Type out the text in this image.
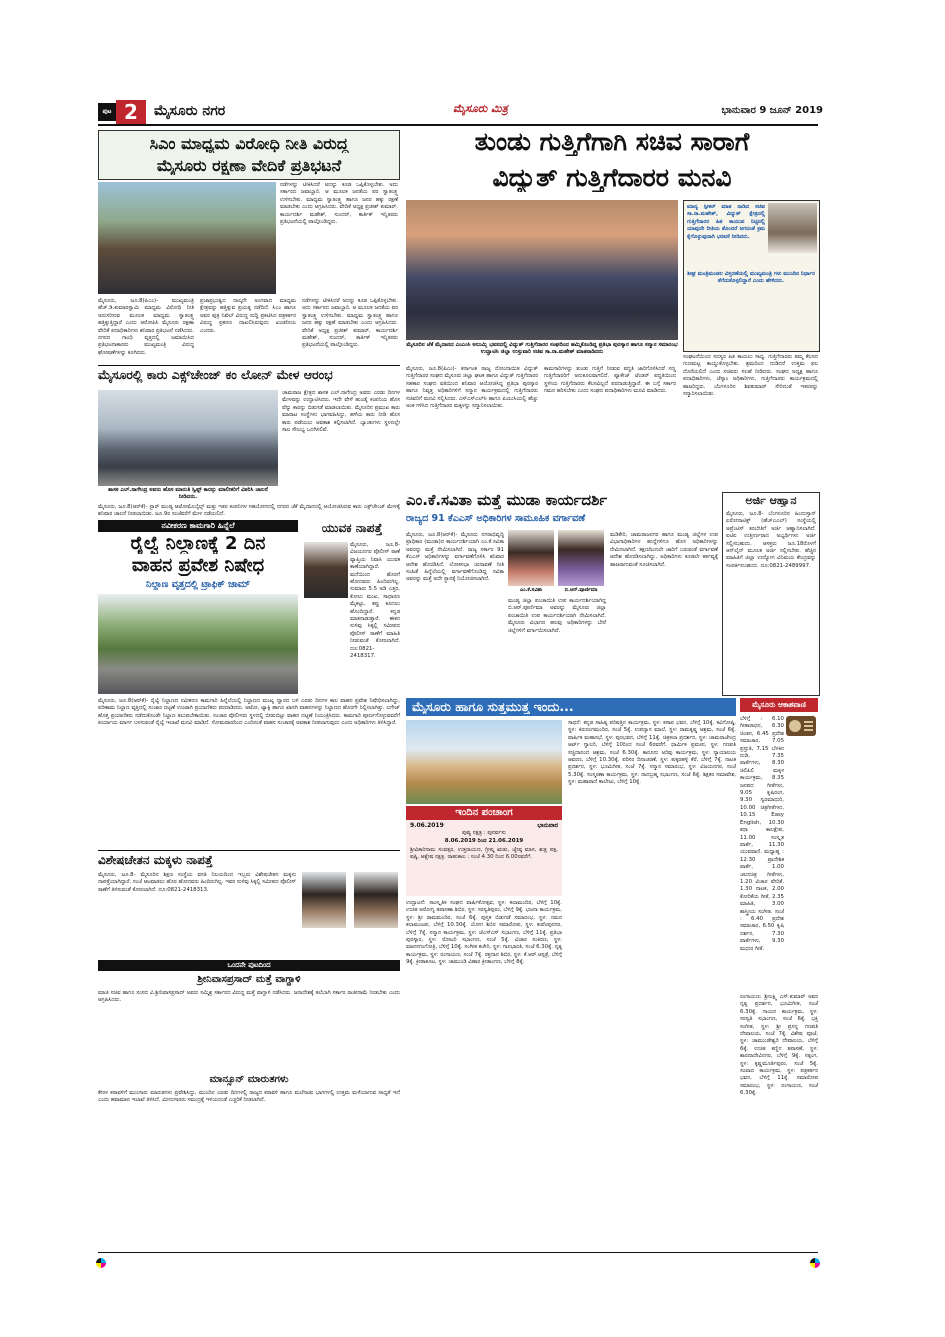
ಪುಟ 2	ಮೈಸೂರು ನಗರ	ಮೈಸೂರು ಮಿತ್ರ	ಭಾನುವಾರ 9 ಜೂನ್ 2019
ಸಿಎಂ ಮಾಧ್ಯಮ ವಿರೋಧಿ ನೀತಿ ವಿರುದ್ಧ
ಮೈಸೂರು ರಕ್ಷಣಾ ವೇದಿಕೆ ಪ್ರತಿಭಟನೆ
ನಡೆಗಳನ್ನು ಟೀಕಿಸಿದರೆ ಅದನ್ನು ಕೂಡ ಒಪ್ಪಿಕೊಳ್ಳಬೇಕು. ಅದು ಸರ್ಕಾರದ ಜವಾಬ್ದಾರಿ. ಆ ಮೂಲಕ ಜನತೆಯ ಪರ ಸ್ವಾತಂತ್ರ್ಯ ಉಳಿಸಬೇಕು. ಮಾಧ್ಯಮ ಸ್ವಾತಂತ್ರ್ಯ ಹಾಗೂ ಜನರ ಹಕ್ಕು ರಕ್ಷಣೆ ಮಾಡಬೇಕು ಎಂದು ಆಗ್ರಹಿಸಿದರು. ವೇದಿಕೆ ಅಧ್ಯಕ್ಷ ಪ್ರಜೀಶ್ ಕುಮಾರ್, ಕಾರ್ಯದರ್ಶಿ ಮಹೇಶ್, ಸುಂದರ್, ಕಾರ್ತಿಕ್ ಇನ್ನಿತರರು ಪ್ರತಿಭಟನೆಯಲ್ಲಿ ಪಾಲ್ಗೊಂಡಿದ್ದರು.
ಮೈಸೂರು, ಜೂ.8(ಪಿಎಂ)- ಮುಖ್ಯಮಂತ್ರಿ ಹೆಚ್.ಡಿ.ಕುಮಾರಸ್ವಾಮಿ ಮಾಧ್ಯಮ ವಿರೋಧಿ ನೀತಿ ಅನುಸರಿಸುವ ಮೂಲಕ ಮಾಧ್ಯಮ ಸ್ವಾತಂತ್ರ್ಯ ಹತ್ತಿಕ್ಕುತ್ತಿದ್ದಾರೆ ಎಂದು ಆರೋಪಿಸಿ ಮೈಸೂರು ರಕ್ಷಣಾ ವೇದಿಕೆ ಪದಾಧಿಕಾರಿಗಳು ಶನಿವಾರ ಪ್ರತಿಭಟನೆ ನಡೆಸಿದರು. ನಗರದ ಗಾಂಧಿ ವೃತ್ತದಲ್ಲಿ ಜಮಾಯಿಸಿದ ಪ್ರತಿಭಟನಾಕಾರರು ಮುಖ್ಯಮಂತ್ರಿ ವಿರುದ್ಧ ಘೋಷಣೆಗಳನ್ನು ಕೂಗಿದರು.
ಪ್ರಜಾಪ್ರಭುತ್ವದ ನಾಲ್ಕನೇ ಅಂಗವಾದ ಮಾಧ್ಯಮ ಕ್ಷೇತ್ರವನ್ನು ಹತ್ತಿಕ್ಕುವ ಪ್ರಯತ್ನ ನಡೆದಿದೆ. ಸಿಎಂ ಹಾಗೂ ಅವರ ಪುತ್ರ ನಿಖಿಲ್ ವಿರುದ್ಧ ಸುದ್ದಿ ಪ್ರಕಟಿಸಿದ ಪತ್ರಕರ್ತರ ವಿರುದ್ಧ ಪ್ರಕರಣ ದಾಖಲಿಸಿರುವುದು ಖಂಡನೀಯ ಎಂದರು.
ನಡೆಗಳನ್ನು ಟೀಕಿಸಿದರೆ ಅದನ್ನು ಕೂಡ ಒಪ್ಪಿಕೊಳ್ಳಬೇಕು. ಅದು ಸರ್ಕಾರದ ಜವಾಬ್ದಾರಿ. ಆ ಮೂಲಕ ಜನತೆಯ ಪರ ಸ್ವಾತಂತ್ರ್ಯ ಉಳಿಸಬೇಕು. ಮಾಧ್ಯಮ ಸ್ವಾತಂತ್ರ್ಯ ಹಾಗೂ ಜನರ ಹಕ್ಕು ರಕ್ಷಣೆ ಮಾಡಬೇಕು ಎಂದು ಆಗ್ರಹಿಸಿದರು. ವೇದಿಕೆ ಅಧ್ಯಕ್ಷ ಪ್ರಜೀಶ್ ಕುಮಾರ್, ಕಾರ್ಯದರ್ಶಿ ಮಹೇಶ್, ಸುಂದರ್, ಕಾರ್ತಿಕ್ ಇನ್ನಿತರರು ಪ್ರತಿಭಟನೆಯಲ್ಲಿ ಪಾಲ್ಗೊಂಡಿದ್ದರು.
ತುಂಡು ಗುತ್ತಿಗೆಗಾಗಿ ಸಚಿವ ಸಾರಾಗೆ
ವಿದ್ಯುತ್ ಗುತ್ತಿಗೆದಾರರ ಮನವಿ
ಮಾನ್ಯ ಸ್ಪೀಕರ್ ಮಾತ ನಾಡಿದ ಸಚಿವ ಸಾ.ರಾ.ಮಹೇಶ್, ವಿದ್ಯುತ್ ಕ್ಷೇತ್ರದಲ್ಲಿ ಗುತ್ತಿಗೆದಾರರ ಹಿತ ಕಾಯುವ ನಿಟ್ಟಿನಲ್ಲಿ ಯಾವುದೇ ರೀತಿಯ ತೊಂದರೆ ಆಗದಂತೆ ಕ್ರಮ ಕೈಗೊಳ್ಳುವುದಾಗಿ ಭರವಸೆ ನೀಡಿದರು.
ಶೀಘ್ರ ಮಂತ್ರಿಮಂಡಲ ವಿಸ್ತರಣೆಯಲ್ಲಿ ಮುಖ್ಯಮಂತ್ರಿ ಗಳು ಮುಂದಿನ ನಿರ್ಧಾರ ತೆಗೆದುಕೊಳ್ಳಲಿದ್ದಾರೆ ಎಂದು ಹೇಳಿದರು.
ಮೈಸೂರಿನ ಜೆಕೆ ಮೈದಾನದ ಎಂಎಂಸಿ ಅಲುಮ್ನಿ ಭವನದಲ್ಲಿ ವಿದ್ಯುತ್ ಗುತ್ತಿಗೆದಾರರ ಸಂಘದಿಂದ ಹಮ್ಮಿಕೊಂಡಿದ್ದ ಪ್ರತಿಭಾ ಪುರಸ್ಕಾರ ಹಾಗೂ ಸನ್ಮಾನ ಸಮಾರಂಭ ಉದ್ಘಾಟಿಸಿ ಜಿಲ್ಲಾ ಉಸ್ತುವಾರಿ ಸಚಿವ ಸಾ.ರಾ.ಮಹೇಶ್ ಮಾತನಾಡಿದರು
ಮೈಸೂರು, ಜೂ.8(ಪಿಎಂ)- ಕರ್ನಾಟಕ ರಾಜ್ಯ ನೋಂದಾಯಿತ ವಿದ್ಯುತ್ ಗುತ್ತಿಗೆದಾರರ ಸಂಘದ ಮೈಸೂರು ಜಿಲ್ಲಾ ಘಟಕ ಹಾಗೂ ವಿದ್ಯುತ್ ಗುತ್ತಿಗೆದಾರರ ಸಹಕಾರ ಸಂಘದ ವತಿಯಿಂದ ಶನಿವಾರ ಆಯೋಜಿಸಿದ್ದ ಪ್ರತಿಭಾ ಪುರಸ್ಕಾರ ಹಾಗೂ ನಿವೃತ್ತ ಅಧಿಕಾರಿಗಳಿಗೆ ಸನ್ಮಾನ ಕಾರ್ಯಕ್ರಮದಲ್ಲಿ ಗುತ್ತಿಗೆದಾರರು ಸಚಿವರಿಗೆ ಮನವಿ ಸಲ್ಲಿಸಿದರು. ಎಸ್‌ಎಸ್‌ಎಲ್‌ಸಿ ಹಾಗೂ ಪಿಯುಸಿಯಲ್ಲಿ ಹೆಚ್ಚು ಅಂಕ ಗಳಿಸಿದ ಗುತ್ತಿಗೆದಾರರ ಮಕ್ಕಳನ್ನು ಸನ್ಮಾನಿಸಲಾಯಿತು.
ಕಾಮಗಾರಿಗಳನ್ನು ತುಂಡು ಗುತ್ತಿಗೆ ನೀಡುವ ಪದ್ಧತಿ ಜಾರಿಗೊಳಿಸಿದರೆ ಸಣ್ಣ ಗುತ್ತಿಗೆದಾರರಿಗೆ ಅನುಕೂಲವಾಗಲಿದೆ. ಪ್ಯಾಕೇಜ್ ಟೆಂಡರ್ ಪದ್ಧತಿಯಿಂದ ಸ್ಥಳೀಯ ಗುತ್ತಿಗೆದಾರರು ಕೆಲಸವಿಲ್ಲದೆ ಪರದಾಡುತ್ತಿದ್ದಾರೆ. ಈ ಬಗ್ಗೆ ಸರ್ಕಾರ ಗಮನ ಹರಿಸಬೇಕು ಎಂದು ಸಂಘದ ಪದಾಧಿಕಾರಿಗಳು ಮನವಿ ಮಾಡಿದರು.
ಸಂಘಟನೆಯಿಂದ ಸದಸ್ಯರ ಹಿತ ಕಾಯಲು ಸಾಧ್ಯ. ಗುತ್ತಿಗೆದಾರರು ತಮ್ಮ ಕೆಲಸದ ಗುಣಮಟ್ಟ ಕಾಯ್ದುಕೊಳ್ಳಬೇಕು. ಶ್ರಮದಿಂದ ದುಡಿದರೆ ಉತ್ತಮ ಫಲ ದೊರೆಯಲಿದೆ ಎಂದು ಸಚಿವರು ಸಲಹೆ ನೀಡಿದರು. ಸಂಘದ ಅಧ್ಯಕ್ಷ ಹಾಗೂ ಪದಾಧಿಕಾರಿಗಳು, ಚೆಸ್ಕಾಂ ಅಧಿಕಾರಿಗಳು, ಗುತ್ತಿಗೆದಾರರು ಕಾರ್ಯಕ್ರಮದಲ್ಲಿ ಹಾಜರಿದ್ದರು. ಬೆಂಗಳೂರಿನ ಶಿವಕುಮಾರ್ ಸೇರಿದಂತೆ ಇತರರನ್ನು ಸನ್ಮಾನಿಸಲಾಯಿತು.
ಮೈಸೂರಲ್ಲಿ ಕಾರು ಎಕ್ಸ್‌ಚೇಂಜ್ ಕಂ ಲೋನ್ ಮೇಳ ಆರಂಭ
ಶಾಸಕ ಎಲ್.ನಾಗೇಂದ್ರ ಅವರು ಹೊಸ ಮಾರುತಿ ಸ್ವಿಫ್ಟ್ ಕಾರನ್ನು ಮಾಲೀಕರಿಗೆ ವಿತರಿಸಿ ಚಾಲನೆ ನೀಡಿದರು.
ಚಾಮರಾಜ ಕ್ಷೇತ್ರದ ಶಾಸಕ ಎಲ್.ನಾಗೇಂದ್ರ ಅವರು ಎರಡು ದಿನಗಳ ಮೇಳವನ್ನು ಉದ್ಘಾಟಿಸಿದರು. ಇದೇ ವೇಳೆ ಹುಂಡೈ ಕಂಪನಿಯ ಹೊಸ ವೆನ್ಯು ಕಾರನ್ನು ಬಿಡುಗಡೆ ಮಾಡಲಾಯಿತು. ಮೈಸೂರಿನ ಪ್ರಮುಖ ಕಾರು ಮಾರಾಟ ಸಂಸ್ಥೆಗಳು ಭಾಗವಹಿಸಿದ್ದು, ಹಳೆಯ ಕಾರು ನೀಡಿ ಹೊಸ ಕಾರು ಪಡೆಯಲು ಅವಕಾಶ ಕಲ್ಪಿಸಲಾಗಿದೆ. ಬ್ಯಾಂಕುಗಳು ಸ್ಥಳದಲ್ಲೇ ಸಾಲ ಸೌಲಭ್ಯ ಒದಗಿಸಲಿವೆ.
ಮೈಸೂರು, ಜೂ.8(ಆರ್‌ಕೆ)- ಸ್ಟಾರ್ ಮಂಡ್ಯ ಆಟೋಮೊಬೈಲ್ಸ್ ಮತ್ತು ಇತರ ಕಂಪನಿಗಳ ಸಹಯೋಗದಲ್ಲಿ ನಗರದ ಜೆಕೆ ಮೈದಾನದಲ್ಲಿ ಆಯೋಜಿಸಿರುವ ಕಾರು ಎಕ್ಸ್‌ಚೇಂಜ್ ಮೇಳಕ್ಕೆ ಶನಿವಾರ ಚಾಲನೆ ನೀಡಲಾಯಿತು. ಜೂ.9ರ ಸಂಜೆವರೆಗೆ ಮೇಳ ನಡೆಯಲಿದೆ.
ನವೀಕರಣ ಕಾಮಗಾರಿ ಹಿನ್ನೆಲೆ
ರೈಲ್ವೆ ನಿಲ್ದಾಣಕ್ಕೆ 2 ದಿನ
ವಾಹನ ಪ್ರವೇಶ ನಿಷೇಧ
ನಿಲ್ದಾಣ ವೃತ್ತದಲ್ಲಿ ಟ್ರಾಫಿಕ್ ಜಾಮ್
ಮೈಸೂರು, ಜೂ.8(ಆರ್‌ಕೆ)- ರೈಲ್ವೆ ನಿಲ್ದಾಣದ ನವೀಕರಣ ಕಾಮಗಾರಿ ಹಿನ್ನೆಲೆಯಲ್ಲಿ ನಿಲ್ದಾಣದ ಮುಖ್ಯ ದ್ವಾರದ ಬಳಿ ಎರಡು ದಿನಗಳ ಕಾಲ ವಾಹನ ಪ್ರವೇಶ ನಿಷೇಧಿಸಲಾಗಿದ್ದು, ಪರಿಣಾಮ ನಿಲ್ದಾಣ ವೃತ್ತದಲ್ಲಿ ಸಂಚಾರ ದಟ್ಟಣೆ ಉಂಟಾಗಿ ಪ್ರಯಾಣಿಕರು ಪರದಾಡಿದರು. ಆಟೋ, ಟ್ಯಾಕ್ಸಿ ಹಾಗೂ ಖಾಸಗಿ ವಾಹನಗಳನ್ನು ನಿಲ್ದಾಣದ ಹೊರಗೇ ನಿಲ್ಲಿಸಲಾಗಿತ್ತು. ಲಗೇಜ್ ಹೊತ್ತ ಪ್ರಯಾಣಿಕರು ನಡೆದುಕೊಂಡೇ ನಿಲ್ದಾಣ ತಲುಪಬೇಕಾಯಿತು. ಸಂಚಾರ ಪೊಲೀಸರು ಸ್ಥಳದಲ್ಲಿ ಬೀಡುಬಿಟ್ಟು ವಾಹನ ದಟ್ಟಣೆ ನಿಯಂತ್ರಿಸಿದರು. ಕಾಮಗಾರಿ ಪೂರ್ಣಗೊಳ್ಳುವವರೆಗೆ ಪರ್ಯಾಯ ಮಾರ್ಗ ಬಳಸುವಂತೆ ರೈಲ್ವೆ ಇಲಾಖೆ ಮನವಿ ಮಾಡಿದೆ. ಸೋಮವಾರದಿಂದ ಎಂದಿನಂತೆ ವಾಹನ ಸಂಚಾರಕ್ಕೆ ಅವಕಾಶ ನೀಡಲಾಗುವುದು ಎಂದು ಅಧಿಕಾರಿಗಳು ತಿಳಿಸಿದ್ದಾರೆ.
ಯುವಕ ನಾಪತ್ತೆ
ಮೈಸೂರು, ಜೂ.8- ವಿಜಯನಗರ ಪೊಲೀಸ್ ಠಾಣೆ ವ್ಯಾಪ್ತಿಯ ನಿವಾಸಿ ಯುವಕ ಕಾಣೆಯಾಗಿದ್ದಾರೆ. ಮನೆಯಿಂದ ಹೊರಗೆ ಹೋದವರು ಹಿಂದಿರುಗಿಲ್ಲ. ಸುಮಾರು 5.5 ಅಡಿ ಎತ್ತರ, ಕೋಲು ಮುಖ, ಸಾಧಾರಣ ಮೈಕಟ್ಟು, ಕಪ್ಪು ಕೂದಲು ಹೊಂದಿದ್ದಾರೆ. ಕನ್ನಡ ಮಾತನಾಡುತ್ತಾರೆ. ಈತನ ಸುಳಿವು ಸಿಕ್ಕಲ್ಲಿ ಸಮೀಪದ ಪೊಲೀಸ್ ಠಾಣೆಗೆ ಮಾಹಿತಿ ನೀಡುವಂತೆ ಕೋರಲಾಗಿದೆ. ದೂ:0821-2418317.
ಎಂ.ಕೆ.ಸವಿತಾ ಮತ್ತೆ ಮುಡಾ ಕಾರ್ಯದರ್ಶಿ
ರಾಜ್ಯದ 91 ಕೆಎಎಸ್ ಅಧಿಕಾರಿಗಳ ಸಾಮೂಹಿಕ ವರ್ಗಾವಣೆ
ಎಂ.ಕೆ.ಸವಿತಾ	ಬಿ.ಆರ್.ಪೂರ್ಣಿಮಾ
ಮೈಸೂರು, ಜೂ.8(ಆರ್‌ಕೆ)- ಮೈಸೂರು ನಗರಾಭಿವೃದ್ಧಿ ಪ್ರಾಧಿಕಾರ (ಮುಡಾ)ದ ಕಾರ್ಯದರ್ಶಿಯಾಗಿ ಎಂ.ಕೆ.ಸವಿತಾ ಅವರನ್ನು ಮತ್ತೆ ನೇಮಿಸಲಾಗಿದೆ. ರಾಜ್ಯ ಸರ್ಕಾರ 91 ಕೆಎಎಸ್ ಅಧಿಕಾರಿಗಳನ್ನು ವರ್ಗಾವಣೆಗೊಳಿಸಿ ಶನಿವಾರ ಆದೇಶ ಹೊರಡಿಸಿದೆ. ಲೋಕಸಭಾ ಚುನಾವಣೆ ನೀತಿ ಸಂಹಿತೆ ಹಿನ್ನೆಲೆಯಲ್ಲಿ ವರ್ಗಾವಣೆಗೊಂಡಿದ್ದ ಸವಿತಾ ಅವರನ್ನು ಮತ್ತೆ ಅದೇ ಸ್ಥಾನಕ್ಕೆ ನಿಯೋಜಿಸಲಾಗಿದೆ.
ಮಂಡ್ಯ ಜಿಲ್ಲಾ ಪಂಚಾಯಿತಿ ಉಪ ಕಾರ್ಯದರ್ಶಿಯಾಗಿದ್ದ ಬಿ.ಆರ್.ಪೂರ್ಣಿಮಾ ಅವರನ್ನು ಮೈಸೂರು ಜಿಲ್ಲಾ ಪಂಚಾಯಿತಿ ಉಪ ಕಾರ್ಯದರ್ಶಿಯಾಗಿ ನೇಮಿಸಲಾಗಿದೆ. ಮೈಸೂರು ವಿಭಾಗದ ಹಲವು ಅಧಿಕಾರಿಗಳನ್ನು ಬೇರೆ ಜಿಲ್ಲೆಗಳಿಗೆ ವರ್ಗಾಯಿಸಲಾಗಿದೆ.
ಮಡಿಕೇರಿ, ಚಾಮರಾಜನಗರ ಹಾಗೂ ಮಂಡ್ಯ ಜಿಲ್ಲೆಗಳ ಉಪ ವಿಭಾಗಾಧಿಕಾರಿಗಳ ಹುದ್ದೆಗಳಿಗೂ ಹೊಸ ಅಧಿಕಾರಿಗಳನ್ನು ನೇಮಿಸಲಾಗಿದೆ. ತಕ್ಷಣದಿಂದಲೇ ಜಾರಿಗೆ ಬರುವಂತೆ ವರ್ಗಾವಣೆ ಆದೇಶ ಹೊರಡಿಸಲಾಗಿದ್ದು, ಅಧಿಕಾರಿಗಳು ಕೂಡಲೇ ಕರ್ತವ್ಯಕ್ಕೆ ಹಾಜರಾಗುವಂತೆ ಸೂಚಿಸಲಾಗಿದೆ.
ಅರ್ಜಿ ಆಹ್ವಾನ
ಮೈಸೂರು, ಜೂ.8- ಬೆಂಗಳೂರಿನ ಹಿಂದುಸ್ತಾನ್ ಏರೋನಾಟಿಕ್ಸ್ (ಹೆಚ್‌ಎಎಲ್) ಸಂಸ್ಥೆಯಲ್ಲಿ ಅಪ್ರೆಂಟಿಸ್ ತರಬೇತಿಗೆ ಅರ್ಜಿ ಆಹ್ವಾನಿಸಲಾಗಿದೆ. ಐಟಿಐ ಉತ್ತೀರ್ಣರಾದ ಅಭ್ಯರ್ಥಿಗಳು ಅರ್ಜಿ ಸಲ್ಲಿಸಬಹುದು. ಆಸಕ್ತರು ಜೂ.18ರೊಳಗೆ ಆನ್‌ಲೈನ್ ಮೂಲಕ ಅರ್ಜಿ ಸಲ್ಲಿಸಬೇಕು. ಹೆಚ್ಚಿನ ಮಾಹಿತಿಗೆ ಜಿಲ್ಲಾ ಉದ್ಯೋಗ ವಿನಿಮಯ ಕೇಂದ್ರವನ್ನು ಸಂಪರ್ಕಿಸಬಹುದು. ದೂ:0821-2489997.
ವಿಶೇಷಚೇತನ ಮಕ್ಕಳು ನಾಪತ್ತೆ
ಮೈಸೂರು, ಜೂ.8- ಮೈಸೂರಿನ ಶಿಕ್ಷಣ ಸಂಸ್ಥೆಯ ವಸತಿ ನಿಲಯದಿಂದ ಇಬ್ಬರು ವಿಶೇಷಚೇತನ ಮಕ್ಕಳು ನಾಪತ್ತೆಯಾಗಿದ್ದಾರೆ. ಸಂಜೆ ಆಟವಾಡಲು ಹೊರ ಹೋದವರು ಹಿಂದಿರುಗಿಲ್ಲ. ಇವರ ಸುಳಿವು ಸಿಕ್ಕಲ್ಲಿ ಸಮೀಪದ ಪೊಲೀಸ್ ಠಾಣೆಗೆ ತಿಳಿಸುವಂತೆ ಕೋರಲಾಗಿದೆ. ದೂ:0821-2418313.
ಒಂದನೇ ಪುಟದಿಂದ
ಶ್ರೀನಿವಾಸಪ್ರಸಾದ್ ಮತ್ತೆ ವಾಗ್ದಾಳಿ
ಮಾಜಿ ಸಚಿವ ಹಾಗೂ ಸಂಸದ ವಿ.ಶ್ರೀನಿವಾಸಪ್ರಸಾದ್ ಅವರು ಸಮ್ಮಿಶ್ರ ಸರ್ಕಾರದ ವಿರುದ್ಧ ಮತ್ತೆ ವಾಗ್ದಾಳಿ ನಡೆಸಿದರು. ಜನಾದೇಶಕ್ಕೆ ತಲೆಬಾಗಿ ಸರ್ಕಾರ ರಾಜೀನಾಮೆ ನೀಡಬೇಕು ಎಂದು ಆಗ್ರಹಿಸಿದರು.
ಮಾನ್ಸೂನ್ ಮಾರುತಗಳು
ಕೇರಳ ಕರಾವಳಿಗೆ ಮುಂಗಾರು ಮಾರುತಗಳು ಪ್ರವೇಶಿಸಿದ್ದು, ಮುಂದಿನ ಎರಡು ದಿನಗಳಲ್ಲಿ ರಾಜ್ಯದ ಕರಾವಳಿ ಹಾಗೂ ಮಲೆನಾಡು ಭಾಗಗಳಲ್ಲಿ ಉತ್ತಮ ಮಳೆಯಾಗುವ ಸಾಧ್ಯತೆ ಇದೆ ಎಂದು ಹವಾಮಾನ ಇಲಾಖೆ ತಿಳಿಸಿದೆ. ಮೀನುಗಾರರು ಸಮುದ್ರಕ್ಕೆ ಇಳಿಯದಂತೆ ಎಚ್ಚರಿಕೆ ನೀಡಲಾಗಿದೆ.
ಮೈಸೂರು ಹಾಗೂ ಸುತ್ತಮುತ್ತ ಇಂದು...
ಇಂದಿನ ಪಂಚಾಂಗ
9.06.2019	ಭಾನುವಾರ
ಪುಷ್ಯ ನಕ್ಷತ್ರ : ಪುನರ್ವಸು
8.06.2019 ರಿಂದ 21.06.2019
ಶ್ರೀವಿಕಾರಿನಾಮ ಸಂವತ್ಸರ, ಉತ್ತರಾಯಣ, ಗ್ರೀಷ್ಮ ಋತು, ಜ್ಯೇಷ್ಠ ಮಾಸ, ಶುಕ್ಲ ಪಕ್ಷ, ಷಷ್ಠಿ, ಆಶ್ಲೇಷ ನಕ್ಷತ್ರ. ರಾಹುಕಾಲ : ಸಂಜೆ 4.30 ರಿಂದ 6.00ರವರೆಗೆ.
ಉದ್ಘಾಟನೆ: ಸಾಂಸ್ಕೃತಿಕ ಸಂಘದ ವಾರ್ಷಿಕೋತ್ಸವ, ಸ್ಥಳ: ಕಲಾಮಂದಿರ, ಬೆಳಿಗ್ಗೆ 10ಕ್ಕೆ. ಉಚಿತ ಆರೋಗ್ಯ ತಪಾಸಣಾ ಶಿಬಿರ, ಸ್ಥಳ: ಸರಸ್ವತಿಪುರಂ, ಬೆಳಿಗ್ಗೆ 9ಕ್ಕೆ. ಭಜನಾ ಕಾರ್ಯಕ್ರಮ, ಸ್ಥಳ: ಶ್ರೀ ರಾಮಮಂದಿರ, ಸಂಜೆ 6ಕ್ಕೆ. ಪುಸ್ತಕ ಬಿಡುಗಡೆ ಸಮಾರಂಭ, ಸ್ಥಳ: ನಮನ ಕಲಾಮಂಟಪ, ಬೆಳಿಗ್ಗೆ 10.30ಕ್ಕೆ. ಯೋಗ ಶಿಬಿರ ಸಮಾರೋಪ, ಸ್ಥಳ: ಕುವೆಂಪುನಗರ, ಬೆಳಿಗ್ಗೆ 7ಕ್ಕೆ. ಸನ್ಮಾನ ಕಾರ್ಯಕ್ರಮ, ಸ್ಥಳ: ಜೆಎಸ್‌ಎಸ್ ಸಭಾಂಗಣ, ಬೆಳಿಗ್ಗೆ 11ಕ್ಕೆ. ಪ್ರತಿಭಾ ಪುರಸ್ಕಾರ, ಸ್ಥಳ: ರೋಟರಿ ಸಭಾಂಗಣ, ಸಂಜೆ 5ಕ್ಕೆ. ವಿಚಾರ ಸಂಕಿರಣ, ಸ್ಥಳ: ಮಾನಸಗಂಗೋತ್ರಿ, ಬೆಳಿಗ್ಗೆ 10ಕ್ಕೆ. ಸಂಗೀತ ಕಚೇರಿ, ಸ್ಥಳ: ಗಾನಭಾರತಿ, ಸಂಜೆ 6.30ಕ್ಕೆ. ನೃತ್ಯ ಕಾರ್ಯಕ್ರಮ, ಸ್ಥಳ: ರಂಗಾಯಣ, ಸಂಜೆ 7ಕ್ಕೆ. ರಕ್ತದಾನ ಶಿಬಿರ, ಸ್ಥಳ: ಕೆ.ಆರ್.ಆಸ್ಪತ್ರೆ, ಬೆಳಿಗ್ಗೆ 9ಕ್ಕೆ. ಕ್ರೀಡಾಕೂಟ, ಸ್ಥಳ: ಚಾಮುಂಡಿ ವಿಹಾರ ಕ್ರೀಡಾಂಗಣ, ಬೆಳಿಗ್ಗೆ 8ಕ್ಕೆ.
ಸಾಧನೆ: ಕನ್ನಡ ಸಾಹಿತ್ಯ ಪರಿಷತ್ತಿನ ಕಾರ್ಯಕ್ರಮ, ಸ್ಥಳ: ಕಸಾಪ ಭವನ, ಬೆಳಿಗ್ಗೆ 10ಕ್ಕೆ. ಕವಿಗೋಷ್ಠಿ, ಸ್ಥಳ: ಕಿರುರಂಗಮಂದಿರ, ಸಂಜೆ 5ಕ್ಕೆ. ಉಪನ್ಯಾಸ ಮಾಲೆ, ಸ್ಥಳ: ರಾಮಕೃಷ್ಣ ಆಶ್ರಮ, ಸಂಜೆ 6ಕ್ಕೆ. ವಾರ್ಷಿಕ ಮಹಾಸಭೆ, ಸ್ಥಳ: ಪುರಭವನ, ಬೆಳಿಗ್ಗೆ 11ಕ್ಕೆ. ಚಿತ್ರಕಲಾ ಪ್ರದರ್ಶನ, ಸ್ಥಳ: ಚಾಮರಾಜೇಂದ್ರ ಆರ್ಟ್ ಗ್ಯಾಲರಿ, ಬೆಳಿಗ್ಗೆ 10ರಿಂದ ಸಂಜೆ 6ರವರೆಗೆ. ಧಾರ್ಮಿಕ ಪ್ರವಚನ, ಸ್ಥಳ: ಗಣಪತಿ ಸಚ್ಚಿದಾನಂದ ಆಶ್ರಮ, ಸಂಜೆ 6.30ಕ್ಕೆ. ಕಾನೂನು ಅರಿವು ಕಾರ್ಯಕ್ರಮ, ಸ್ಥಳ: ನ್ಯಾಯಾಲಯ ಆವರಣ, ಬೆಳಿಗ್ಗೆ 10.30ಕ್ಕೆ. ಪರಿಸರ ದಿನಾಚರಣೆ, ಸ್ಥಳ: ಕುಕ್ಕರಹಳ್ಳಿ ಕೆರೆ, ಬೆಳಿಗ್ಗೆ 7ಕ್ಕೆ. ನಾಟಕ ಪ್ರದರ್ಶನ, ಸ್ಥಳ: ಭೂಮಿಗೀತ, ಸಂಜೆ 7ಕ್ಕೆ. ಸನ್ಮಾನ ಸಮಾರಂಭ, ಸ್ಥಳ: ವಿಜಯನಗರ, ಸಂಜೆ 5.30ಕ್ಕೆ. ಸಂಸ್ಮರಣಾ ಕಾರ್ಯಕ್ರಮ, ಸ್ಥಳ: ನಾದಬ್ರಹ್ಮ ಸಭಾಂಗಣ, ಸಂಜೆ 6ಕ್ಕೆ. ಶಿಕ್ಷಕರ ಸಮಾವೇಶ, ಸ್ಥಳ: ಮಹಾರಾಣಿ ಕಾಲೇಜು, ಬೆಳಿಗ್ಗೆ 10ಕ್ಕೆ.
ಮೈಸೂರು ಆಕಾಶವಾಣಿ
ಬೆಳಿಗ್ಗೆ : 6.10 ಗೀತಾರಾಧನ, 6.30 ಚಿಂತನ, 6.45 ಪ್ರದೇಶ ಸಮಾಚಾರ, 7.05 ಪ್ರಸ್ತುತಿ, 7.15 ಬೆಳಕಿನ ನುಡಿ, 7.35 ವಾರ್ತೆಗಳು, 8.30 ಚಿಲಿಪಿಲಿ ಮಕ್ಕಳ ಕಾರ್ಯಕ್ರಮ, 8.35 ಜನಪದ ಗೀತೆಗಳು, 9.05 ಕೃಷಿರಂಗ, 9.30 ಸ್ವರಮಾಧುರಿ, 10.00 ಚಿತ್ರಗೀತೆಗಳು, 10.15 Easy English, 10.30 ಕಥಾ ಕಾಲಕ್ಷೇಪ, 11.00 ಸಂಸ್ಕೃತ ವಾರ್ತೆ, 11.30 ಯುವವಾಣಿ. ಮಧ್ಯಾಹ್ನ : 12.30 ಪ್ರಾದೇಶಿಕ ವಾರ್ತೆ, 1.00 ಚಲನಚಿತ್ರ ಗೀತೆಗಳು, 1.20 ವಿಚಾರ ವೇದಿಕೆ, 1.30 ನಾಟಕ, 2.00 ಕೋರಿಕೆಯ ಗೀತೆ, 2.35 ಮಾಹಿತಿ, 3.00 ಶಾಸ್ತ್ರೀಯ ಸಂಗೀತ. ಸಂಜೆ : 6.40 ಪ್ರದೇಶ ಸಮಾಚಾರ, 6.50 ಕೃಷಿ ದರ್ಶನ, 7.30 ವಾರ್ತೆಗಳು, 9.30 ಮಧುರ ಗೀತೆ.
ರಂಗಾಯಣ: ಶ್ರೀಲಕ್ಷ್ಮಿ ಎಸ್.ಕುಮಾರ್ ಅವರ ನೃತ್ಯ ಪ್ರದರ್ಶನ, ಭೂಮಿಗೀತ, ಸಂಜೆ 6.30ಕ್ಕೆ. ಗಾಯನ ಕಾರ್ಯಕ್ರಮ, ಸ್ಥಳ: ಸರಸ್ವತಿ ಸಭಾಂಗಣ, ಸಂಜೆ 6ಕ್ಕೆ. ಭಕ್ತಿ ಸಂಗೀತ, ಸ್ಥಳ: ಶ್ರೀ ಪ್ರಸನ್ನ ಗಣಪತಿ ದೇವಾಲಯ, ಸಂಜೆ 7ಕ್ಕೆ. ವಿಶೇಷ ಪೂಜೆ, ಸ್ಥಳ: ಚಾಮುಂಡೇಶ್ವರಿ ದೇವಾಲಯ, ಬೆಳಿಗ್ಗೆ 6ಕ್ಕೆ. ಉಚಿತ ಕಣ್ಣಿನ ತಪಾಸಣೆ, ಸ್ಥಳ: ಶಾರದಾದೇವಿನಗರ, ಬೆಳಿಗ್ಗೆ 9ಕ್ಕೆ. ಸತ್ಸಂಗ, ಸ್ಥಳ: ಕೃಷ್ಣಮೂರ್ತಿಪುರಂ, ಸಂಜೆ 5ಕ್ಕೆ. ಸಂವಾದ ಕಾರ್ಯಕ್ರಮ, ಸ್ಥಳ: ಪತ್ರಕರ್ತರ ಭವನ, ಬೆಳಿಗ್ಗೆ 11ಕ್ಕೆ. ಸಮಾರೋಪ ಸಮಾರಂಭ, ಸ್ಥಳ: ರಂಗಾಯಣ, ಸಂಜೆ 6.30ಕ್ಕೆ.
